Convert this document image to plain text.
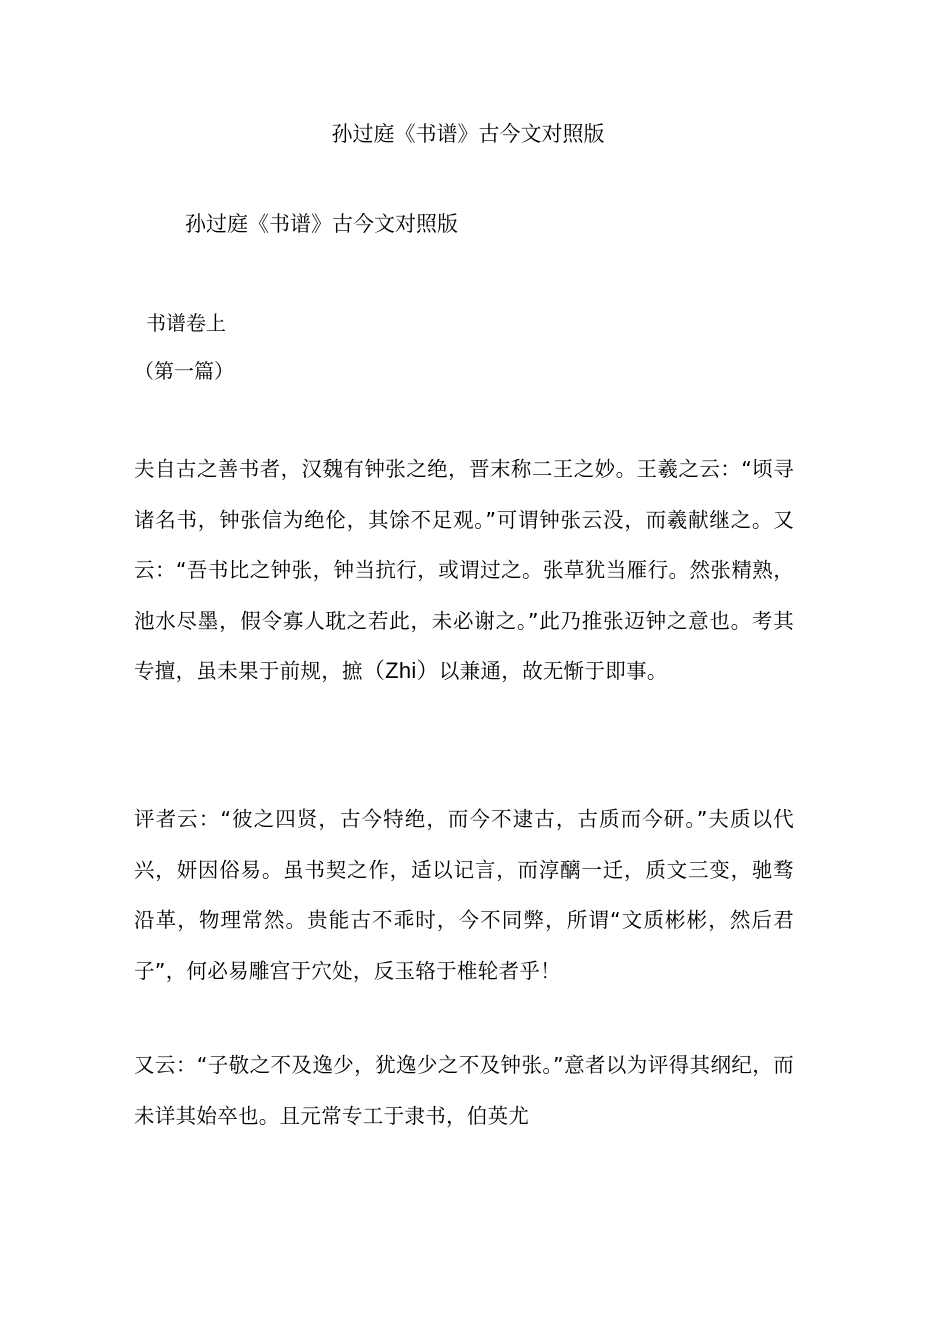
孙过庭《书谱》古今文对照版
孙过庭《书谱》古今文对照版

书谱卷上

（第一篇）

夫自古之善书者，汉魏有钟张之绝，晋末称二王之妙。王羲之云：“顷寻诸名书，钟张信为绝伦，其馀不足观。”可谓钟张云没，而羲献继之。又云：“吾书比之钟张，钟当抗行，或谓过之。张草犹当雁行。然张精熟，池水尽墨，假令寡人耽之若此，未必谢之。”此乃推张迈钟之意也。考其专擅，虽未果于前规，摭（Zhi）以兼通，故无惭于即事。

评者云：“彼之四贤，古今特绝，而今不逮古，古质而今研。”夫质以代兴，妍因俗易。虽书契之作，适以记言，而淳醨一迁，质文三变，驰骛沿革，物理常然。贵能古不乖时，今不同弊，所谓“文质彬彬，然后君子”，何必易雕宫于穴处，反玉辂于椎轮者乎！

又云：“子敬之不及逸少，犹逸少之不及钟张。”意者以为评得其纲纪，而未详其始卒也。且元常专工于隶书，伯英尤
